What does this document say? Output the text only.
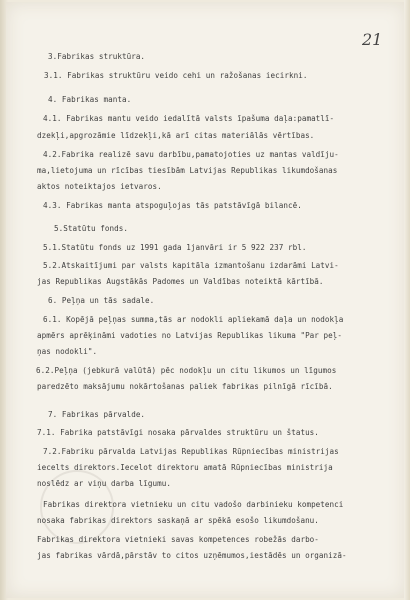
21
3.Fabrikas struktūra.
3.1. Fabrikas struktūru veido cehi un ražošanas iecirkni.
4. Fabrikas manta.
4.1. Fabrikas mantu veido iedalītā valsts īpašuma daļa:pamatlī-
dzekļi,apgrozāmie līdzekļi,kā arī citas materiālās vērtības.
4.2.Fabrika realizē savu darbību,pamatojoties uz mantas valdīju-
ma,lietojuma un rīcības tiesībām Latvijas Republikas likumdošanas
aktos noteiktajos ietvaros.
4.3. Fabrikas manta atspoguļojas tās patstāvīgā bilancē.
5.Statūtu fonds.
5.1.Statūtu fonds uz 1991 gada 1janvāri ir 5 922 237 rbl.
5.2.Atskaitījumi par valsts kapitāla izmantošanu izdarāmi Latvi-
jas Republikas Augstākās Padomes un Valdības noteiktā kārtībā.
6. Peļņa un tās sadale.
6.1. Kopējā peļņas summa,tās ar nodokli apliekamā daļa un nodokļa
apmērs aprēķināmi vadoties no Latvijas Republikas likuma "Par peļ-
ņas nodokli".
6.2.Peļņa (jebkurā valūtā) pēc nodokļu un citu likumos un līgumos
paredzēto maksājumu nokārtošanas paliek fabrikas pilnīgā rīcībā.
7. Fabrikas pārvalde.
7.1. Fabrika patstāvīgi nosaka pārvaldes struktūru un štatus.
7.2.Fabriku pārvalda Latvijas Republikas Rūpniecības ministrijas
iecelts direktors.Iecelot direktoru amatā Rūpniecības ministrija
noslēdz ar viņu darba līgumu.
Fabrikas direktora vietnieku un citu vadošo darbinieku kompetenci
nosaka fabrikas direktors saskaņā ar spēkā esošo likumdošanu.
Fabrikas direktora vietnieki savas kompetences robežās darbo-
jas fabrikas vārdā,pārstāv to citos uzņēmumos,iestādēs un organizā-
